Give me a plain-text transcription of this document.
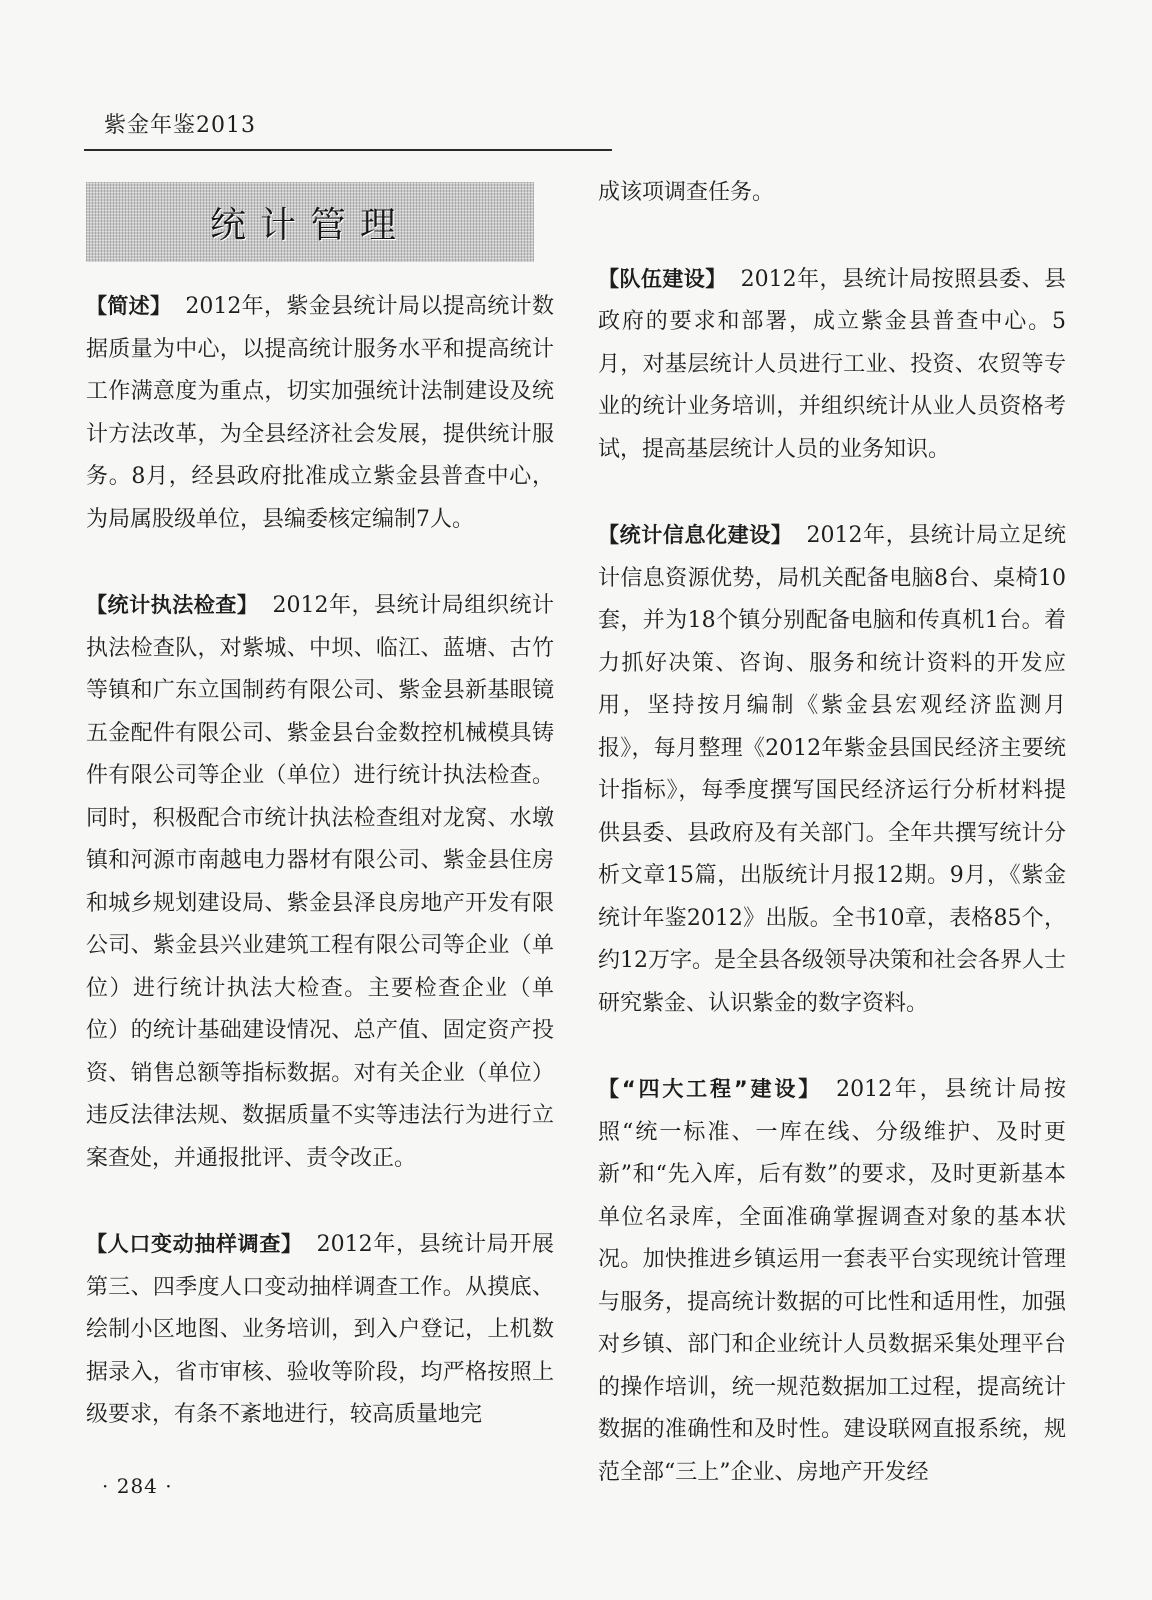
紫金年鉴2013
统计管理

【简述】 2012年，紫金县统计局以提高统计数据质量为中心，以提高统计服务水平和提高统计工作满意度为重点，切实加强统计法制建设及统计方法改革，为全县经济社会发展，提供统计服务。8月，经县政府批准成立紫金县普查中心，为局属股级单位，县编委核定编制7人。

【统计执法检查】 2012年，县统计局组织统计执法检查队，对紫城、中坝、临江、蓝塘、古竹等镇和广东立国制药有限公司、紫金县新基眼镜五金配件有限公司、紫金县台金数控机械模具铸件有限公司等企业（单位）进行统计执法检查。同时，积极配合市统计执法检查组对龙窝、水墩镇和河源市南越电力器材有限公司、紫金县住房和城乡规划建设局、紫金县泽良房地产开发有限公司、紫金县兴业建筑工程有限公司等企业（单位）进行统计执法大检查。主要检查企业（单位）的统计基础建设情况、总产值、固定资产投资、销售总额等指标数据。对有关企业（单位）违反法律法规、数据质量不实等违法行为进行立案查处，并通报批评、责令改正。

【人口变动抽样调查】 2012年，县统计局开展第三、四季度人口变动抽样调查工作。从摸底、绘制小区地图、业务培训，到入户登记，上机数据录入，省市审核、验收等阶段，均严格按照上级要求，有条不紊地进行，较高质量地完

成该项调查任务。

【队伍建设】 2012年，县统计局按照县委、县政府的要求和部署，成立紫金县普查中心。5月，对基层统计人员进行工业、投资、农贸等专业的统计业务培训，并组织统计从业人员资格考试，提高基层统计人员的业务知识。

【统计信息化建设】 2012年，县统计局立足统计信息资源优势，局机关配备电脑8台、桌椅10套，并为18个镇分别配备电脑和传真机1台。着力抓好决策、咨询、服务和统计资料的开发应用，坚持按月编制《紫金县宏观经济监测月报》，每月整理《2012年紫金县国民经济主要统计指标》，每季度撰写国民经济运行分析材料提供县委、县政府及有关部门。全年共撰写统计分析文章15篇，出版统计月报12期。9月，《紫金统计年鉴2012》出版。全书10章，表格85个，约12万字。是全县各级领导决策和社会各界人士研究紫金、认识紫金的数字资料。

【“四大工程”建设】 2012年，县统计局按照“统一标准、一库在线、分级维护、及时更新”和“先入库，后有数”的要求，及时更新基本单位名录库，全面准确掌握调查对象的基本状况。加快推进乡镇运用一套表平台实现统计管理与服务，提高统计数据的可比性和适用性，加强对乡镇、部门和企业统计人员数据采集处理平台的操作培训，统一规范数据加工过程，提高统计数据的准确性和及时性。建设联网直报系统，规范全部“三上”企业、房地产开发经

· 284 ·
